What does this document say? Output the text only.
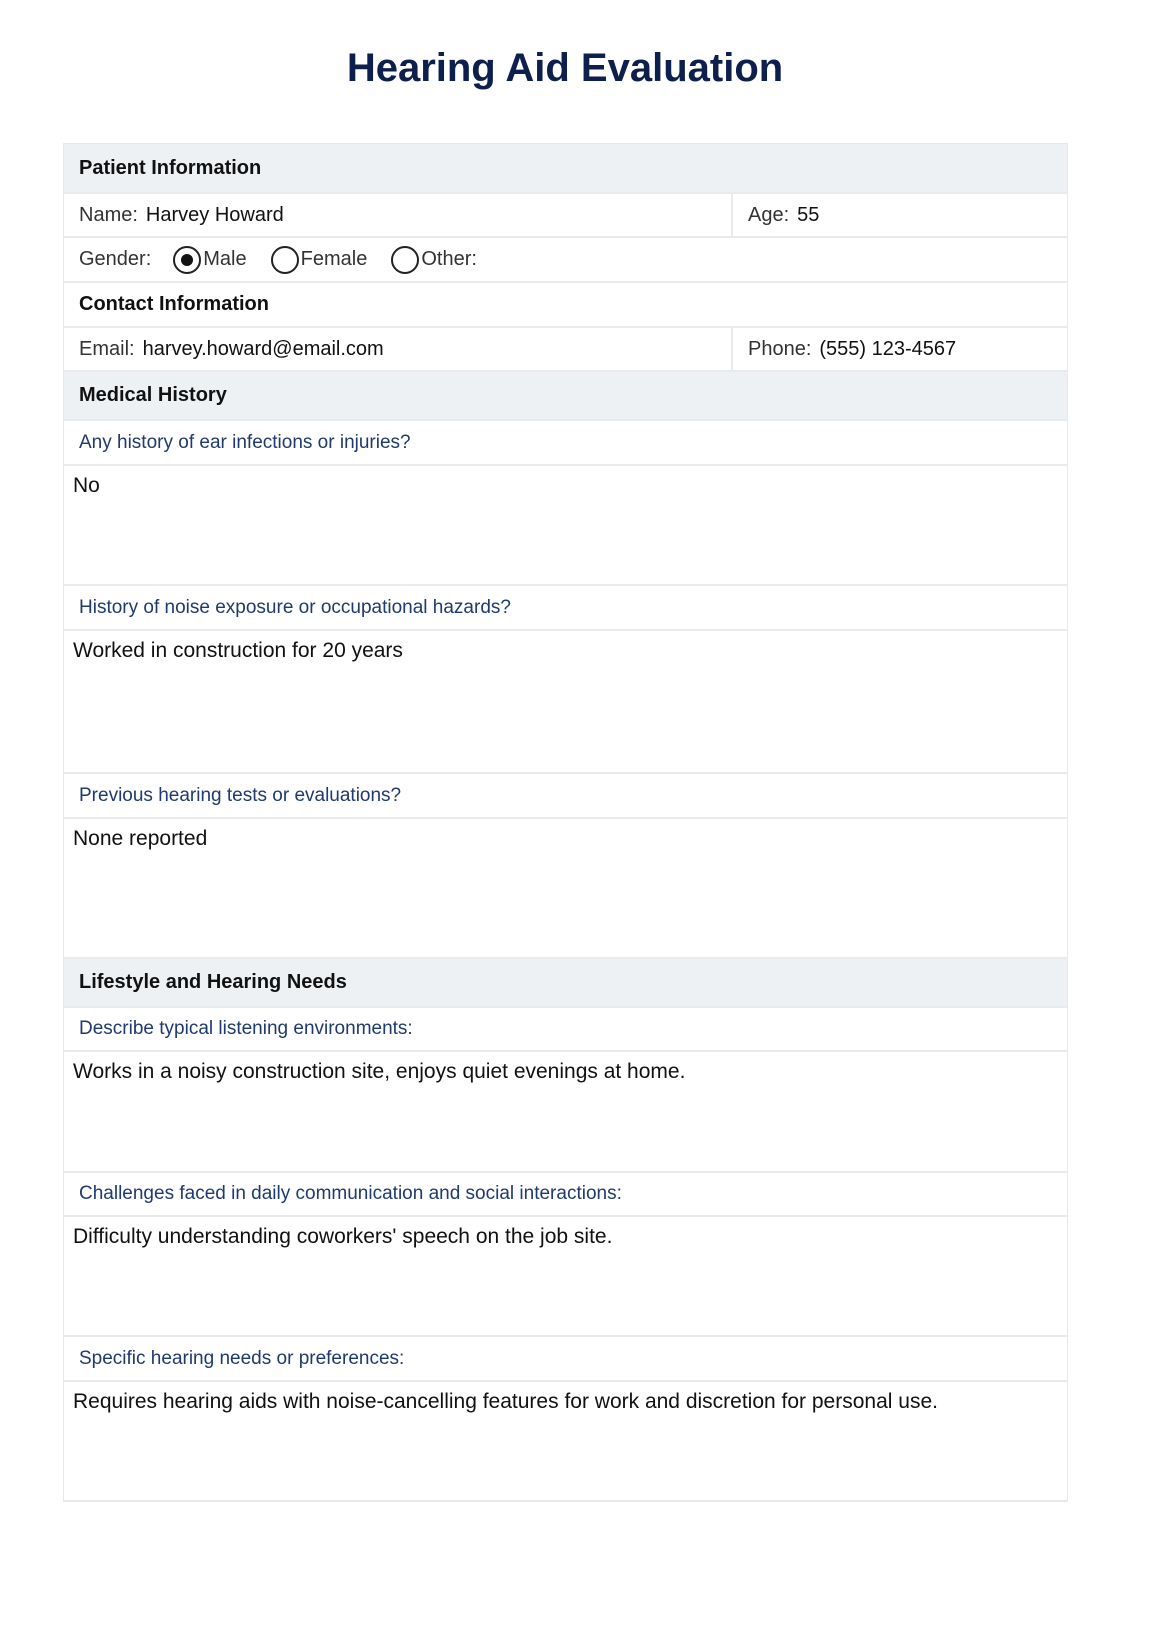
Hearing Aid Evaluation
Patient Information
Name: Harvey Howard	Age: 55
Gender:	Male	Female	Other:
Contact Information
Email: harvey.howard@email.com	Phone: (555) 123-4567
Medical History
Any history of ear infections or injuries?
No
History of noise exposure or occupational hazards?
Worked in construction for 20 years
Previous hearing tests or evaluations?
None reported
Lifestyle and Hearing Needs
Describe typical listening environments:
Works in a noisy construction site, enjoys quiet evenings at home.
Challenges faced in daily communication and social interactions:
Difficulty understanding coworkers' speech on the job site.
Specific hearing needs or preferences:
Requires hearing aids with noise-cancelling features for work and discretion for personal use.
